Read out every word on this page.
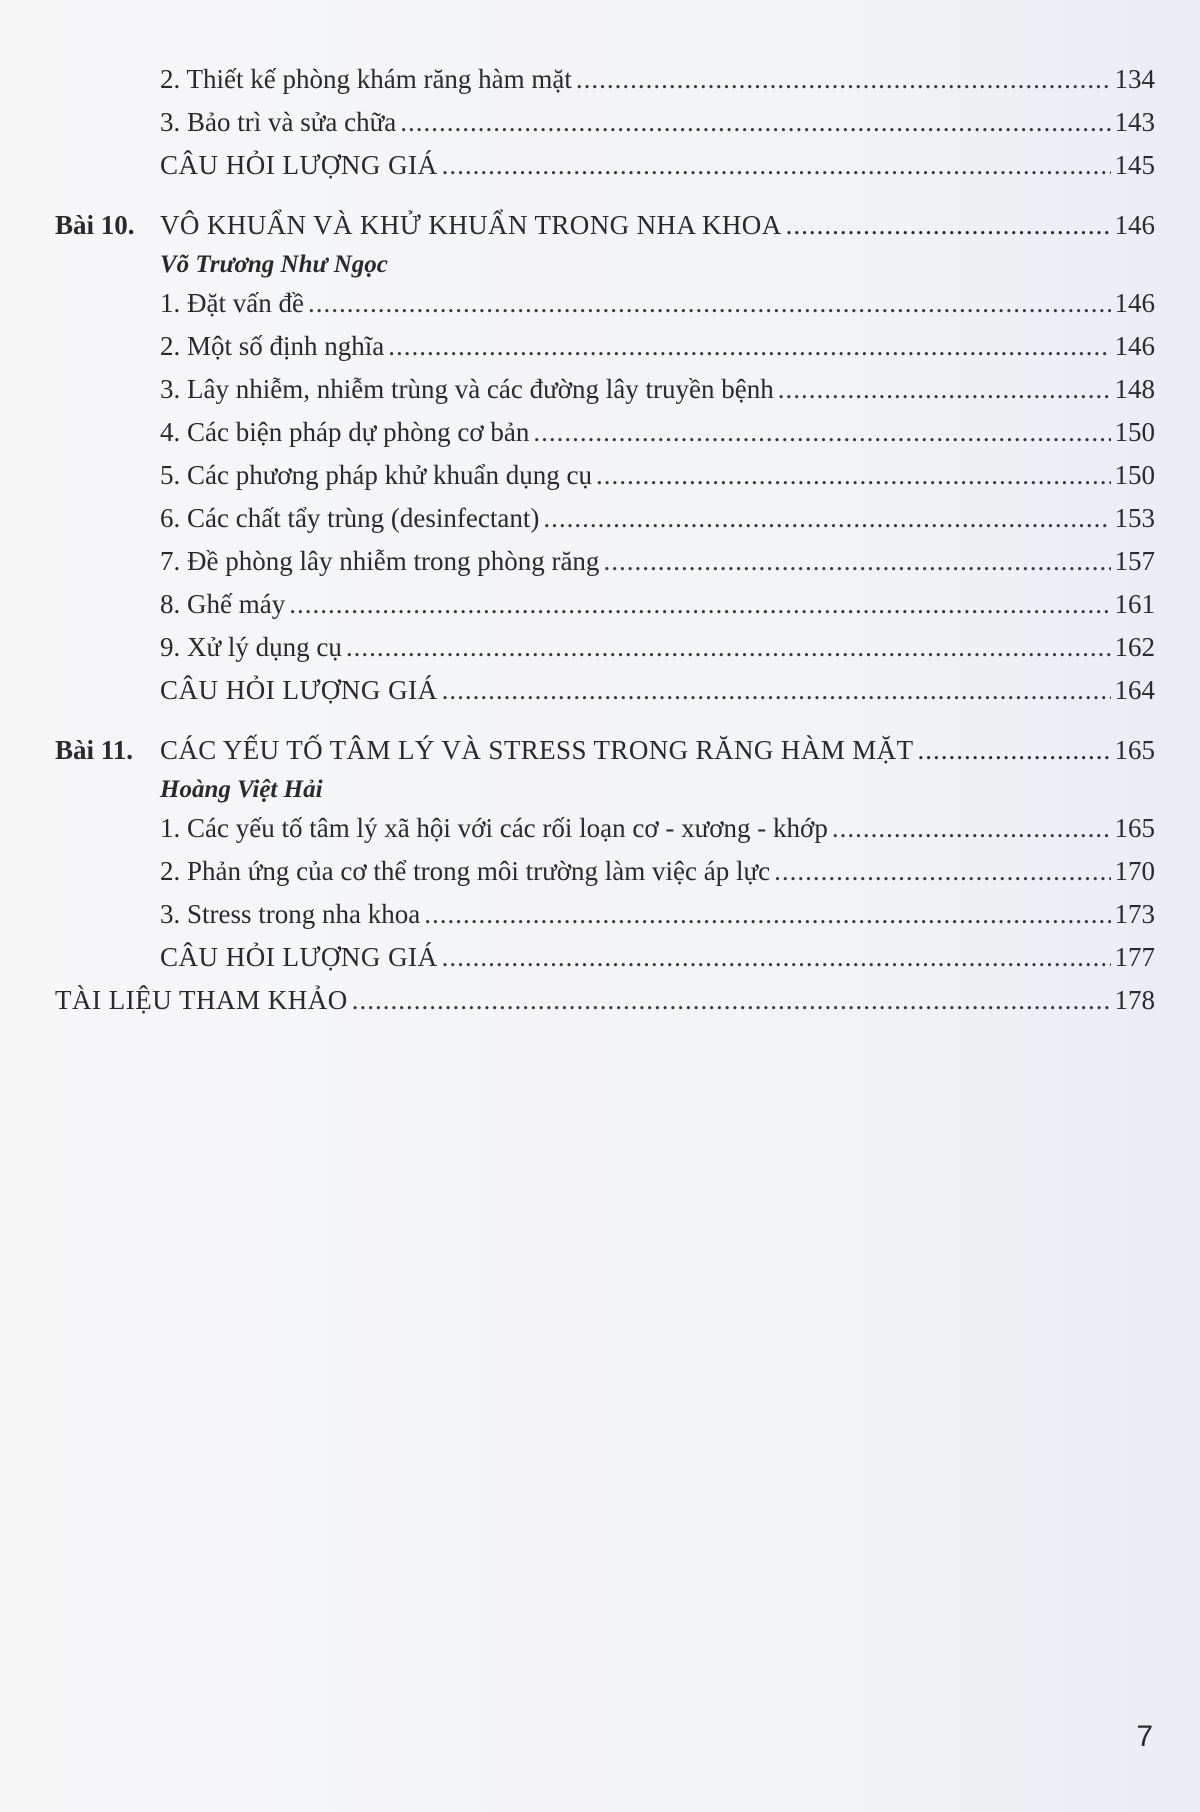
2. Thiết kế phòng khám răng hàm mặt .....	134
3. Bảo trì và sửa chữa .....	143
CÂU HỎI LƯỢNG GIÁ .....	145
Bài 10. VÔ KHUẨN VÀ KHỬ KHUẨN TRONG NHA KHOA .....	146
Võ Trương Như Ngọc
1. Đặt vấn đề .....	146
2. Một số định nghĩa .....	146
3. Lây nhiễm, nhiễm trùng và các đường lây truyền bệnh .....	148
4. Các biện pháp dự phòng cơ bản .....	150
5. Các phương pháp khử khuẩn dụng cụ .....	150
6. Các chất tẩy trùng (desinfectant) .....	153
7. Đề phòng lây nhiễm trong phòng răng .....	157
8. Ghế máy .....	161
9. Xử lý dụng cụ .....	162
CÂU HỎI LƯỢNG GIÁ .....	164
Bài 11. CÁC YẾU TỐ TÂM LÝ VÀ STRESS TRONG RĂNG HÀM MẶT .....	165
Hoàng Việt Hải
1. Các yếu tố tâm lý xã hội với các rối loạn cơ - xương - khớp .....	165
2. Phản ứng của cơ thể trong môi trường làm việc áp lực .....	170
3. Stress trong nha khoa .....	173
CÂU HỎI LƯỢNG GIÁ .....	177
TÀI LIỆU THAM KHẢO .....	178
7
